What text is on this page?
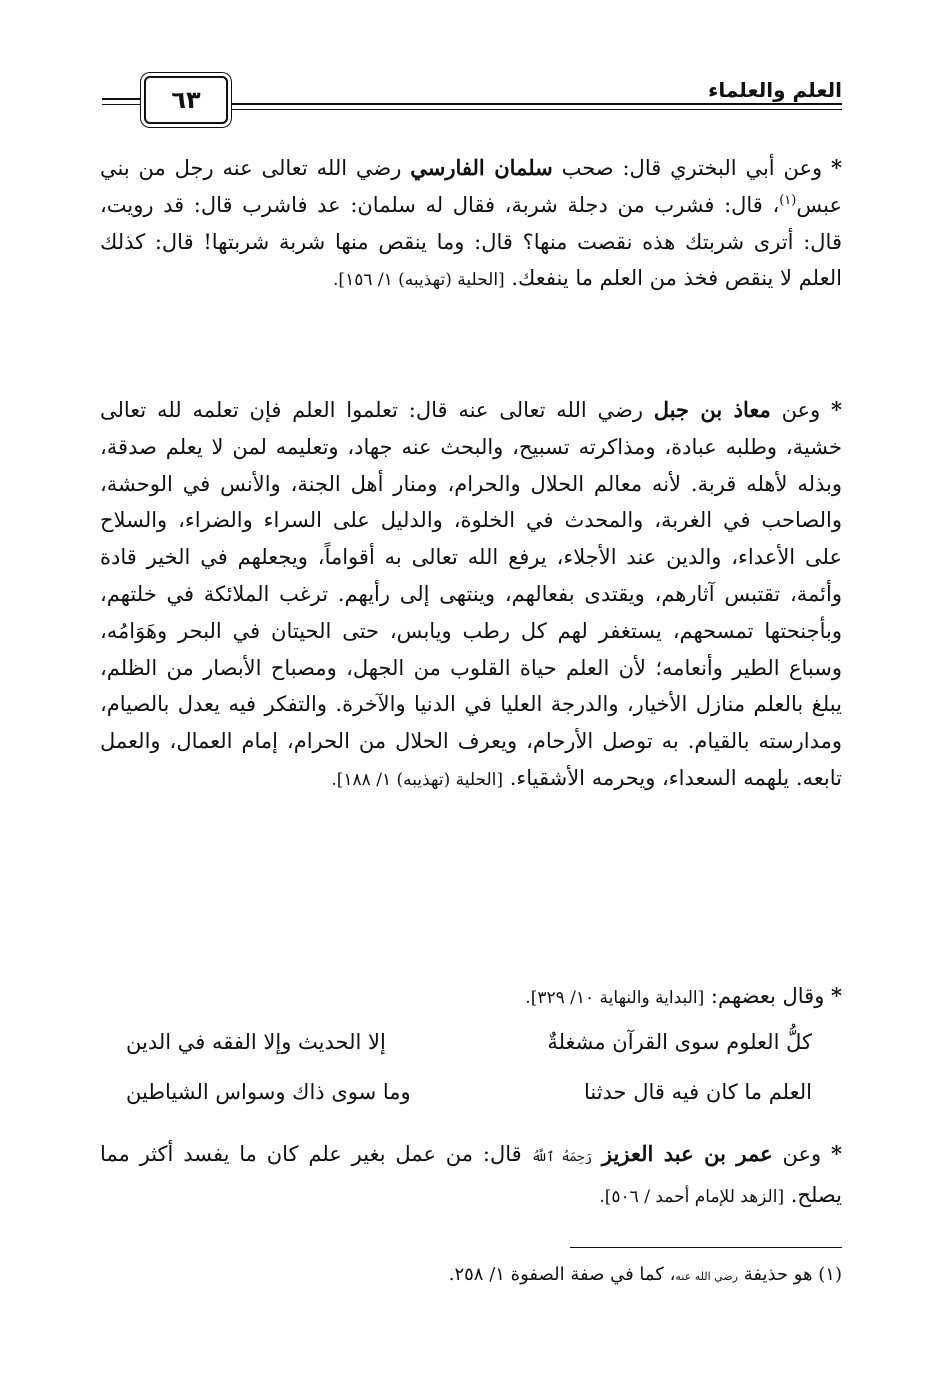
العلم والعلماء
٦٣
* وعن أبي البختري قال: صحب سلمان الفارسي رضي الله تعالى عنه رجل من بني عبس$^{(١)}$، قال: فشرب من دجلة شربة، فقال له سلمان: عد فاشرب قال: قد رويت، قال: أترى شربتك هذه نقصت منها؟ قال: وما ينقص منها شربة شربتها! قال: كذلك العلم لا ينقص فخذ من العلم ما ينفعك. [الحلية (تهذيبه) ١/ ١٥٦].
* وعن معاذ بن جبل رضي الله تعالى عنه قال: تعلموا العلم فإن تعلمه لله تعالى خشية، وطلبه عبادة، ومذاكرته تسبيح، والبحث عنه جهاد، وتعليمه لمن لا يعلم صدقة، وبذله لأهله قربة. لأنه معالم الحلال والحرام، ومنار أهل الجنة، والأنس في الوحشة، والصاحب في الغربة، والمحدث في الخلوة، والدليل على السراء والضراء، والسلاح على الأعداء، والدين عند الأجلاء، يرفع الله تعالى به أقواماً، ويجعلهم في الخير قادة وأئمة، تقتبس آثارهم، ويقتدى بفعالهم، وينتهى إلى رأيهم. ترغب الملائكة في خلتهم، وبأجنحتها تمسحهم، يستغفر لهم كل رطب ويابس، حتى الحيتان في البحر وهَوَامُه، وسباع الطير وأنعامه؛ لأن العلم حياة القلوب من الجهل، ومصباح الأبصار من الظلم، يبلغ بالعلم منازل الأخيار، والدرجة العليا في الدنيا والآخرة. والتفكر فيه يعدل بالصيام، ومدارسته بالقيام. به توصل الأرحام، ويعرف الحلال من الحرام، إمام العمال، والعمل تابعه. يلهمه السعداء، ويحرمه الأشقياء. [الحلية (تهذيبه) ١/ ١٨٨].
* وقال بعضهم: [البداية والنهاية ١٠/ ٣٢٩].
كلُّ العلوم سوى القرآن مشغلةٌ
إلا الحديث وإلا الفقه في الدين
العلم ما كان فيه قال حدثنا
وما سوى ذاك وسواس الشياطين
* وعن عمر بن عبد العزيز رَحِمَهُ ٱللَّهُ قال: من عمل بغير علم كان ما يفسد أكثر مما يصلح. [الزهد للإمام أحمد / ٥٠٦].
(١) هو حذيفة رضي الله عنه، كما في صفة الصفوة ١/ ٢٥٨.
